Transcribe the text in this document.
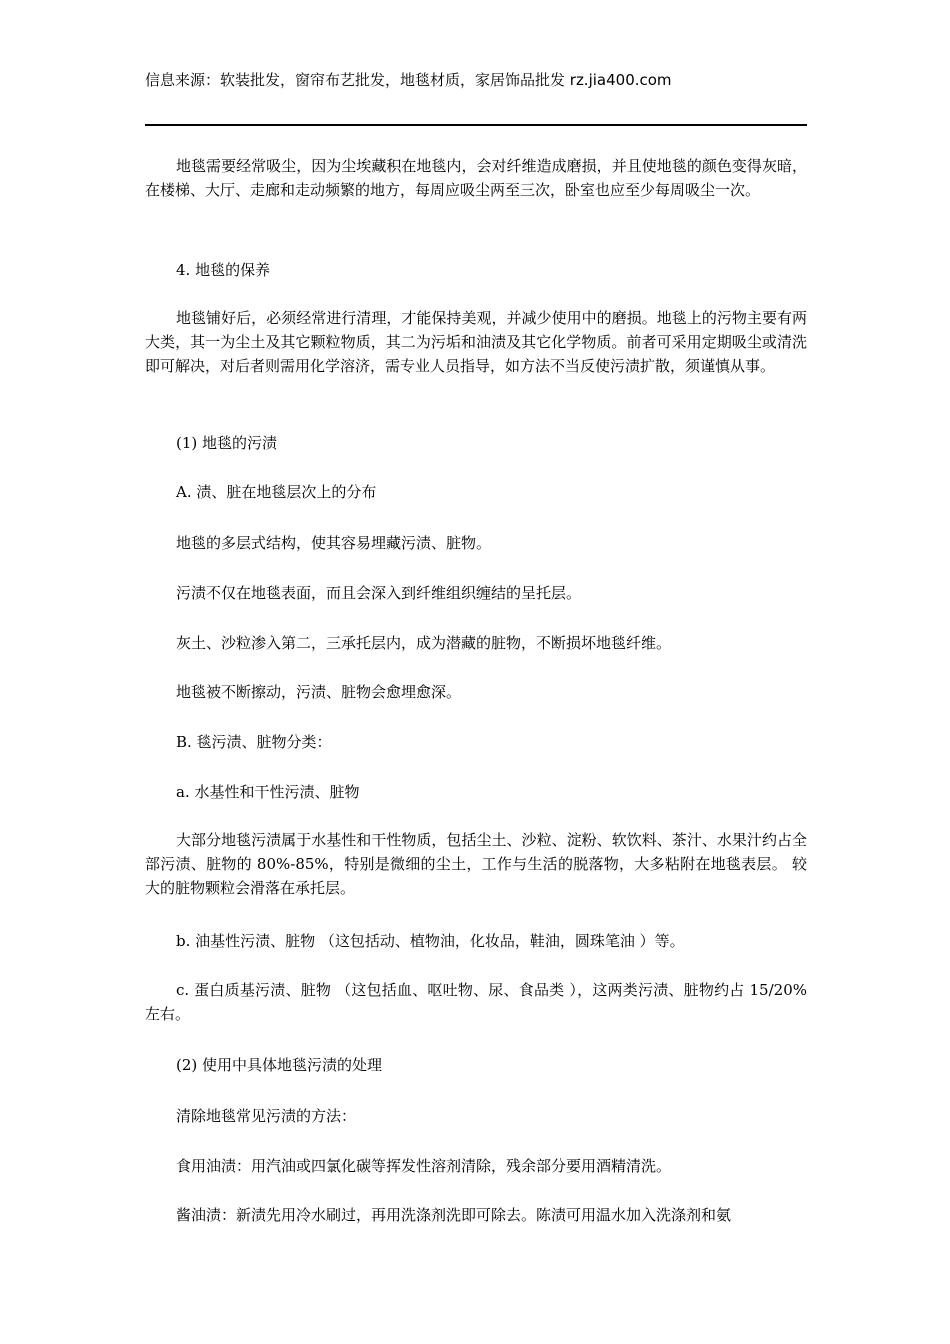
信息来源：软装批发，窗帘布艺批发，地毯材质，家居饰品批发 rz.jia400.com
地毯需要经常吸尘，因为尘埃藏积在地毯内，会对纤维造成磨损，并且使地毯的颜色变得灰暗，在楼梯、大厅、走廊和走动频繁的地方，每周应吸尘两至三次，卧室也应至少每周吸尘一次。
4. 地毯的保养
地毯铺好后，必须经常进行清理，才能保持美观，并减少使用中的磨损。地毯上的污物主要有两大类，其一为尘土及其它颗粒物质，其二为污垢和油渍及其它化学物质。前者可采用定期吸尘或清洗即可解决，对后者则需用化学溶济，需专业人员指导，如方法不当反使污渍扩散，须谨慎从事。
(1) 地毯的污渍
A. 渍、脏在地毯层次上的分布
地毯的多层式结构，使其容易埋藏污渍、脏物。
污渍不仅在地毯表面，而且会深入到纤维组织缠结的呈托层。
灰土、沙粒渗入第二，三承托层内，成为潜藏的脏物，不断损坏地毯纤维。
地毯被不断擦动，污渍、脏物会愈埋愈深。
B. 毯污渍、脏物分类：
a. 水基性和干性污渍、脏物
大部分地毯污渍属于水基性和干性物质，包括尘土、沙粒、淀粉、软饮料、茶汁、水果汁约占全部污渍、脏物的 80%-85%，特别是微细的尘土，工作与生活的脱落物，大多粘附在地毯表层。 较大的脏物颗粒会滑落在承托层。
b. 油基性污渍、脏物 （这包括动、植物油，化妆品，鞋油，圆珠笔油 ）等。
c. 蛋白质基污渍、脏物 （这包括血、呕吐物、尿、食品类 ），这两类污渍、脏物约占 15/20% 左右。
(2) 使用中具体地毯污渍的处理
清除地毯常见污渍的方法：
食用油渍：用汽油或四氯化碳等挥发性溶剂清除，残余部分要用酒精清洗。
酱油渍：新渍先用冷水刷过，再用洗涤剂洗即可除去。陈渍可用温水加入洗涤剂和氨
